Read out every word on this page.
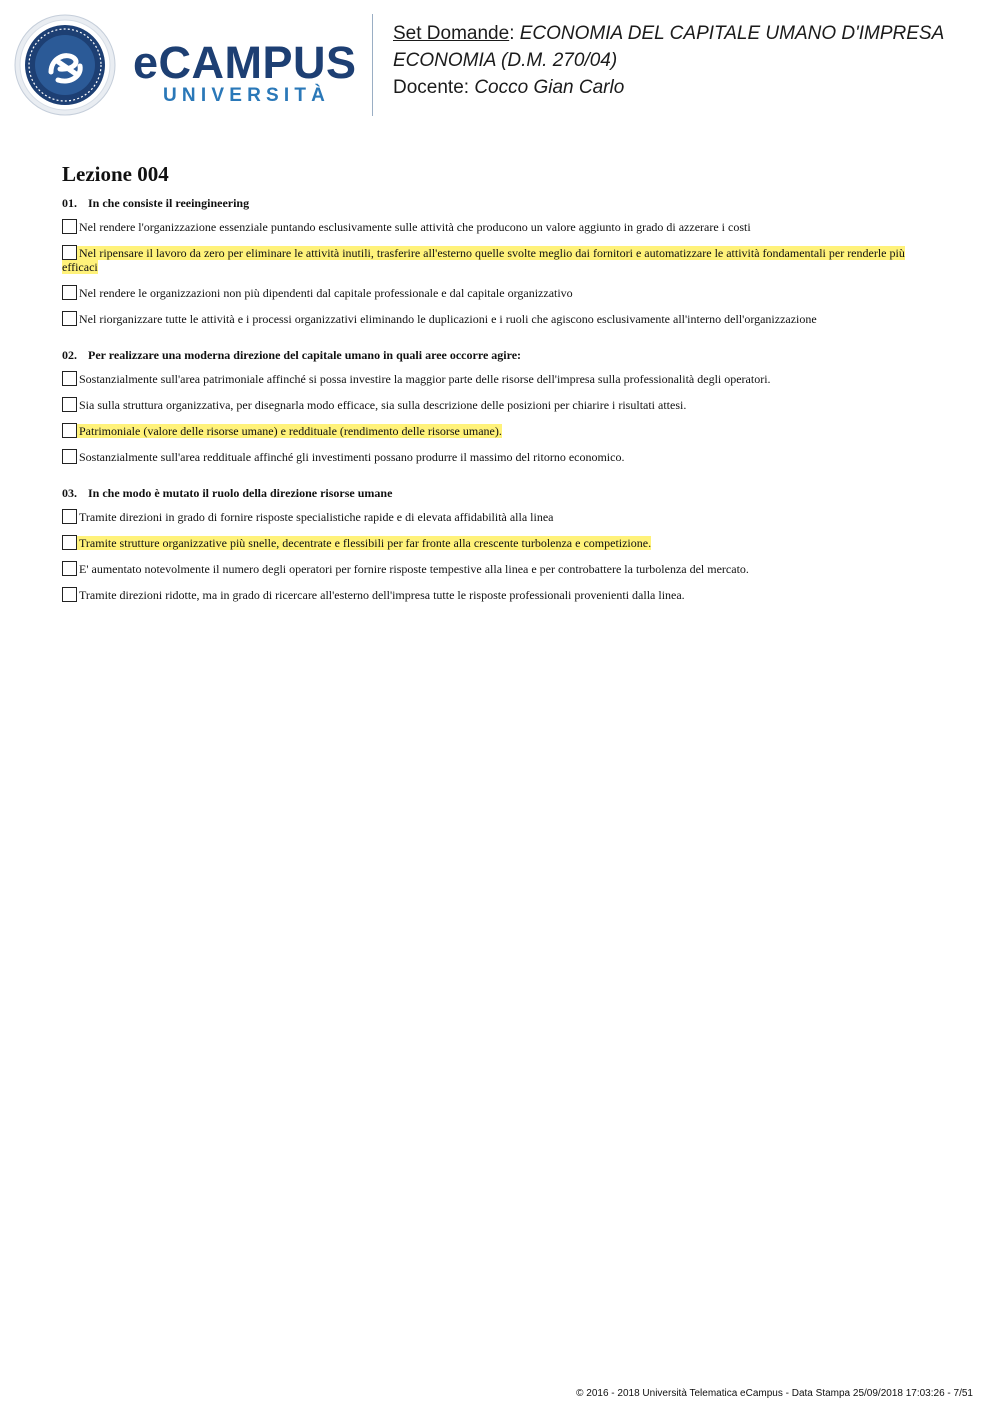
eCAMPUS
UNIVERSITÀ
Set Domande: ECONOMIA DEL CAPITALE UMANO D'IMPRESA ECONOMIA (D.M. 270/04)
Docente: Cocco Gian Carlo
Lezione 004
01. In che consiste il reeingineering
Nel rendere l'organizzazione essenziale puntando esclusivamente sulle attività che producono un valore aggiunto in grado di azzerare i costi
Nel ripensare il lavoro da zero per eliminare le attività inutili, trasferire all'esterno quelle svolte meglio dai fornitori e automatizzare le attività fondamentali per renderle più efficaci
Nel rendere le organizzazioni non più dipendenti dal capitale professionale e dal capitale organizzativo
Nel riorganizzare tutte le attività e i processi organizzativi eliminando le duplicazioni e i ruoli che agiscono esclusivamente all'interno dell'organizzazione
02. Per realizzare una moderna direzione del capitale umano in quali aree occorre agire:
Sostanzialmente sull'area patrimoniale affinché si possa investire la maggior parte delle risorse dell'impresa sulla professionalità degli operatori.
Sia sulla struttura organizzativa, per disegnarla modo efficace, sia sulla descrizione delle posizioni per chiarire i risultati attesi.
Patrimoniale (valore delle risorse umane) e reddituale (rendimento delle risorse umane).
Sostanzialmente sull'area reddituale affinché gli investimenti possano produrre il massimo del ritorno economico.
03. In che modo è mutato il ruolo della direzione risorse umane
Tramite direzioni in grado di fornire risposte specialistiche rapide e di elevata affidabilità alla linea
Tramite strutture organizzative più snelle, decentrate e flessibili per far fronte alla crescente turbolenza e competizione.
E' aumentato notevolmente il numero degli operatori per fornire risposte tempestive alla linea e per controbattere la turbolenza del mercato.
Tramite direzioni ridotte, ma in grado di ricercare all'esterno dell'impresa tutte le risposte professionali provenienti dalla linea.
© 2016 - 2018 Università Telematica eCampus - Data Stampa 25/09/2018 17:03:26 - 7/51
